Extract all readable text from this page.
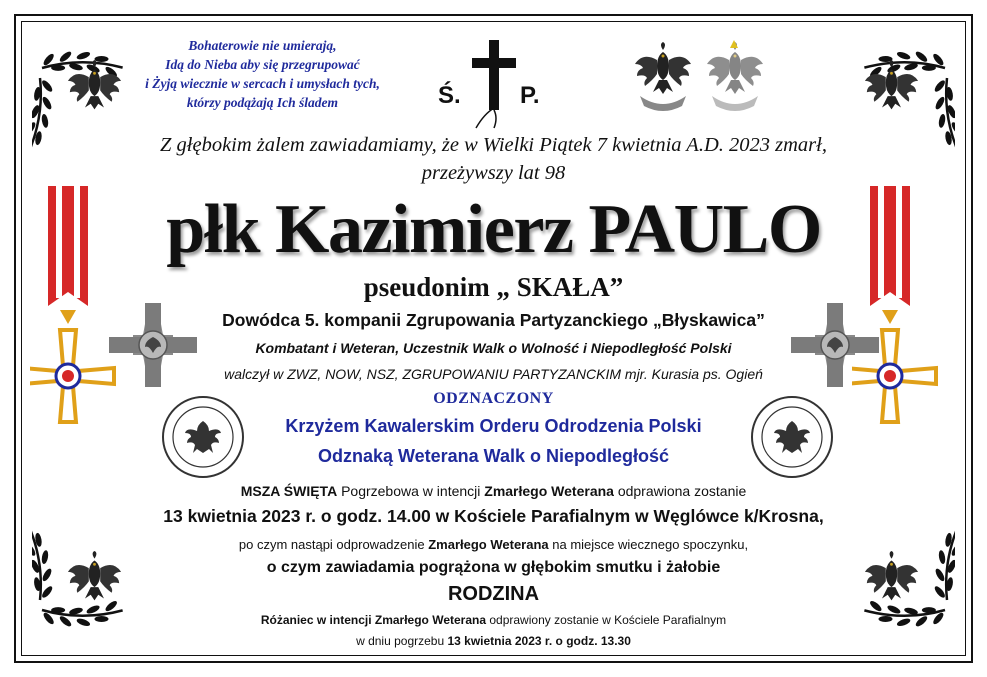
Bohaterowie nie umierają,
Idą do Nieba aby się przegrupować
i Żyją wiecznie w sercach i umysłach tych,
którzy podążają Ich śladem	Ś. P.
Z głębokim żalem zawiadamiamy, że w Wielki Piątek 7 kwietnia A.D. 2023 zmarł,
przeżywszy lat 98
płk Kazimierz PAULO
pseudonim „ SKAŁA”
Dowódca 5. kompanii Zgrupowania Partyzanckiego „Błyskawica”
Kombatant i Weteran, Uczestnik Walk o Wolność i Niepodległość Polski
walczył w ZWZ, NOW, NSZ, ZGRUPOWANIU PARTYZANCKIM mjr. Kurasia ps. Ogień
ODZNACZONY
Krzyżem Kawalerskim Orderu Odrodzenia Polski
Odznaką Weterana Walk o Niepodległość
MSZA ŚWIĘTA Pogrzebowa w intencji Zmarłego Weterana odprawiona zostanie
13 kwietnia 2023 r. o godz. 14.00 w Kościele Parafialnym w Węglówce k/Krosna,
po czym nastąpi odprowadzenie Zmarłego Weterana na miejsce wiecznego spoczynku,
o czym zawiadamia pogrążona w głębokim smutku i żałobie
RODZINA
Różaniec w intencji Zmarłego Weterana odprawiony zostanie w Kościele Parafialnym
w dniu pogrzebu 13 kwietnia 2023 r. o godz. 13.30
